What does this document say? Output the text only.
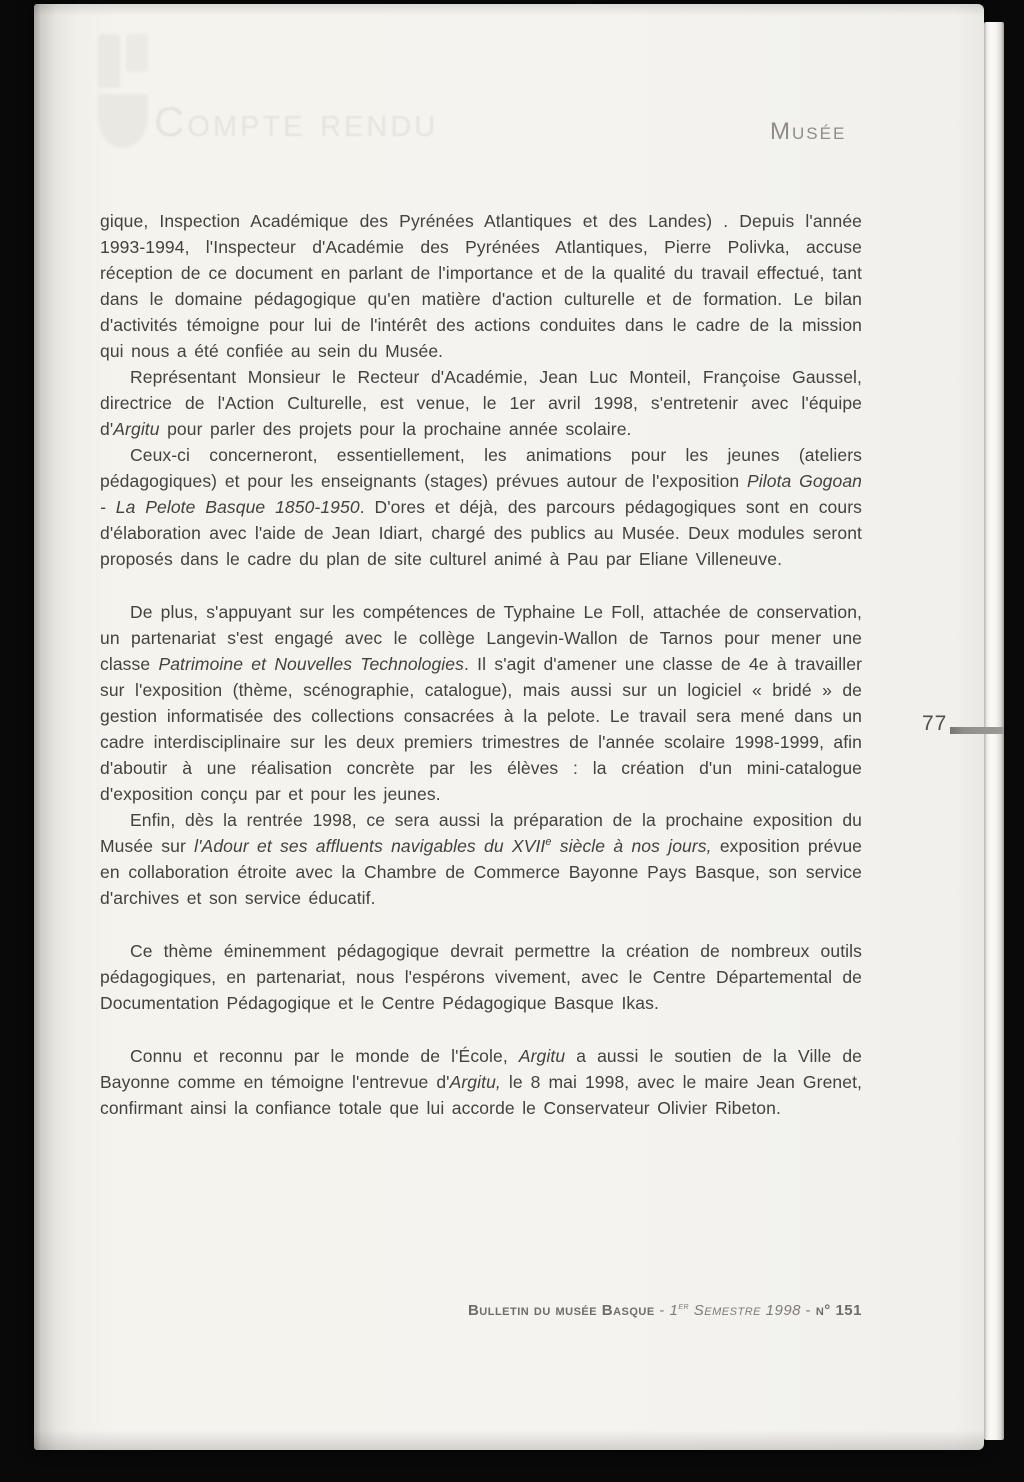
Compte rendu	Musée

gique, Inspection Académique des Pyrénées Atlantiques et des Landes) . Depuis l'année 1993-1994, l'Inspecteur d'Académie des Pyrénées Atlantiques, Pierre Polivka, accuse réception de ce document en parlant de l'importance et de la qualité du travail effectué, tant dans le domaine pédagogique qu'en matière d'action culturelle et de formation. Le bilan d'activités témoigne pour lui de l'intérêt des actions conduites dans le cadre de la mission qui nous a été confiée au sein du Musée.

Représentant Monsieur le Recteur d'Académie, Jean Luc Monteil, Françoise Gaussel, directrice de l'Action Culturelle, est venue, le 1er avril 1998, s'entretenir avec l'équipe d'Argitu pour parler des projets pour la prochaine année scolaire.

Ceux-ci concerneront, essentiellement, les animations pour les jeunes (ateliers pédagogiques) et pour les enseignants (stages) prévues autour de l'exposition Pilota Gogoan - La Pelote Basque 1850-1950. D'ores et déjà, des parcours pédagogiques sont en cours d'élaboration avec l'aide de Jean Idiart, chargé des publics au Musée. Deux modules seront proposés dans le cadre du plan de site culturel animé à Pau par Eliane Villeneuve.

De plus, s'appuyant sur les compétences de Typhaine Le Foll, attachée de conservation, un partenariat s'est engagé avec le collège Langevin-Wallon de Tarnos pour mener une classe Patrimoine et Nouvelles Technologies. Il s'agit d'amener une classe de 4e à travailler sur l'exposition (thème, scénographie, catalogue), mais aussi sur un logiciel « bridé » de gestion informatisée des collections consacrées à la pelote. Le travail sera mené dans un cadre interdisciplinaire sur les deux premiers trimestres de l'année scolaire 1998-1999, afin d'aboutir à une réalisation concrète par les élèves : la création d'un mini-catalogue d'exposition conçu par et pour les jeunes.

Enfin, dès la rentrée 1998, ce sera aussi la préparation de la prochaine exposition du Musée sur l'Adour et ses affluents navigables du XVIIe siècle à nos jours, exposition prévue en collaboration étroite avec la Chambre de Commerce Bayonne Pays Basque, son service d'archives et son service éducatif.

Ce thème éminemment pédagogique devrait permettre la création de nombreux outils pédagogiques, en partenariat, nous l'espérons vivement, avec le Centre Départemental de Documentation Pédagogique et le Centre Pédagogique Basque Ikas.

Connu et reconnu par le monde de l'École, Argitu a aussi le soutien de la Ville de Bayonne comme en témoigne l'entrevue d'Argitu, le 8 mai 1998, avec le maire Jean Grenet, confirmant ainsi la confiance totale que lui accorde le Conservateur Olivier Ribeton.

77
Bulletin du musée Basque - 1er Semestre 1998 - n° 151
